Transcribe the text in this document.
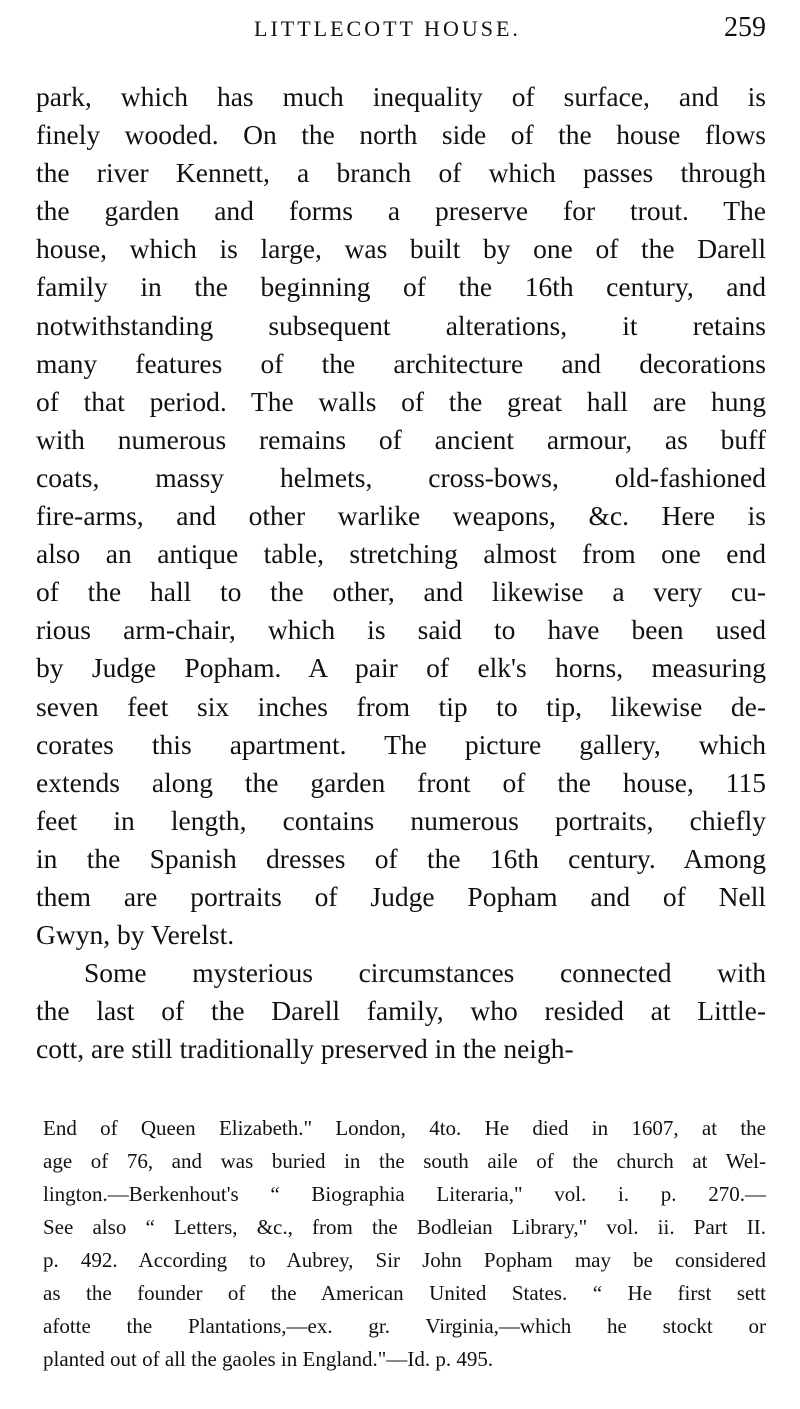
LITTLECOTT HOUSE.	259
park, which has much inequality of surface, and is
finely wooded. On the north side of the house flows
the river Kennett, a branch of which passes through
the garden and forms a preserve for trout. The
house, which is large, was built by one of the Darell
family in the beginning of the 16th century, and
notwithstanding subsequent alterations, it retains
many features of the architecture and decorations
of that period. The walls of the great hall are hung
with numerous remains of ancient armour, as buff
coats, massy helmets, cross-bows, old-fashioned
fire-arms, and other warlike weapons, &c. Here is
also an antique table, stretching almost from one end
of the hall to the other, and likewise a very cu-
rious arm-chair, which is said to have been used
by Judge Popham. A pair of elk's horns, measuring
seven feet six inches from tip to tip, likewise de-
corates this apartment. The picture gallery, which
extends along the garden front of the house, 115
feet in length, contains numerous portraits, chiefly
in the Spanish dresses of the 16th century. Among
them are portraits of Judge Popham and of Nell
Gwyn, by Verelst.
Some mysterious circumstances connected with
the last of the Darell family, who resided at Little-
cott, are still traditionally preserved in the neigh-
End of Queen Elizabeth." London, 4to. He died in 1607, at the
age of 76, and was buried in the south aile of the church at Wel-
lington.—Berkenhout's “ Biographia Literaria," vol. i. p. 270.—
See also “ Letters, &c., from the Bodleian Library," vol. ii. Part II.
p. 492. According to Aubrey, Sir John Popham may be considered
as the founder of the American United States. “ He first sett
afotte the Plantations,—ex. gr. Virginia,—which he stockt or
planted out of all the gaoles in England."—Id. p. 495.
